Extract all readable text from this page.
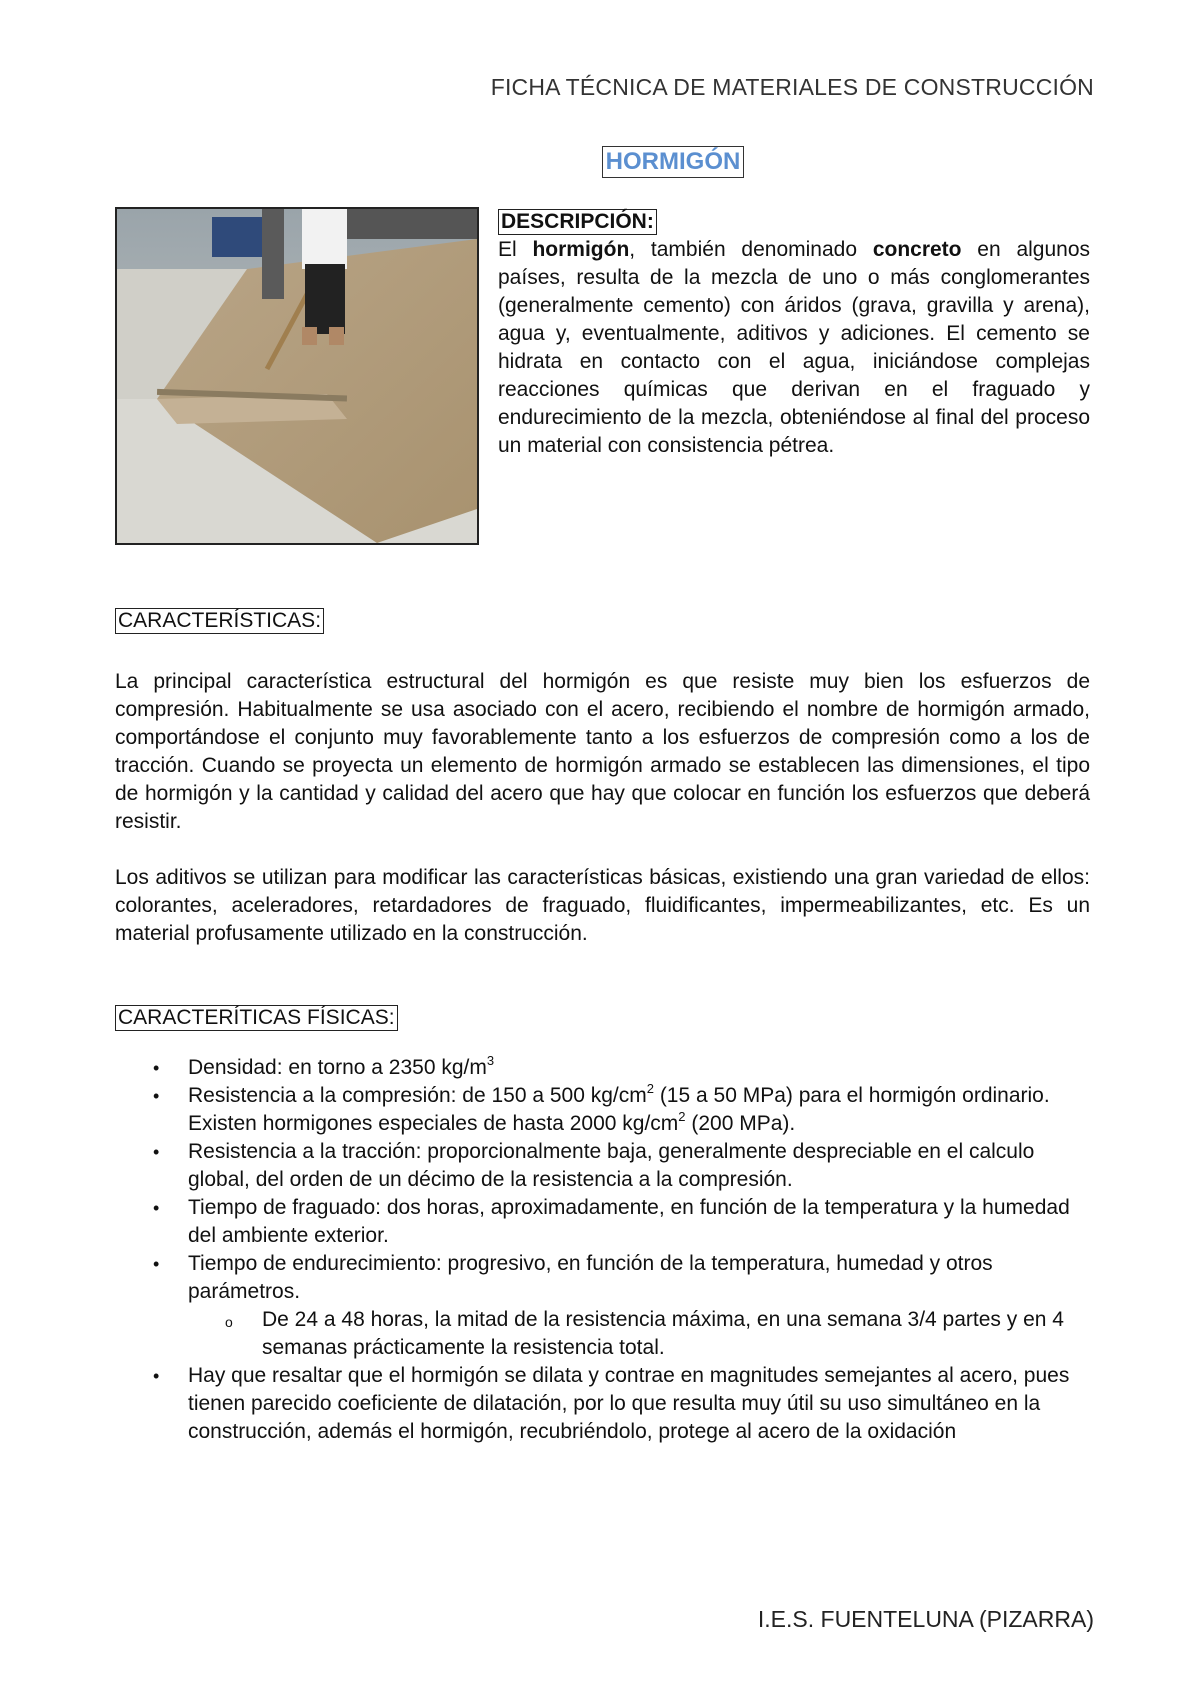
FICHA TÉCNICA DE MATERIALES DE CONSTRUCCIÓN
HORMIGÓN
DESCRIPCIÓN:
El hormigón, también denominado concreto en algunos países, resulta de la mezcla de uno o más conglomerantes (generalmente cemento) con áridos (grava, gravilla y arena), agua y, eventualmente, aditivos y adiciones. El cemento se hidrata en contacto con el agua, iniciándose complejas reacciones químicas que derivan en el fraguado y endurecimiento de la mezcla, obteniéndose al final del proceso un material con consistencia pétrea.
CARACTERÍSTICAS:

La principal característica estructural del hormigón es que resiste muy bien los esfuerzos de compresión. Habitualmente se usa asociado con el acero, recibiendo el nombre de hormigón armado, comportándose el conjunto muy favorablemente tanto a los esfuerzos de compresión como a los de tracción. Cuando se proyecta un elemento de hormigón armado se establecen las dimensiones, el tipo de hormigón y la cantidad y calidad del acero que hay que colocar en función los esfuerzos que deberá resistir.

Los aditivos se utilizan para modificar las características básicas, existiendo una gran variedad de ellos: colorantes, aceleradores, retardadores de fraguado, fluidificantes, impermeabilizantes, etc. Es un material profusamente utilizado en la construcción.

CARACTERÍTICAS FÍSICAS:
• Densidad: en torno a 2350 $kg/m^3$
• Resistencia a la compresión: de 150 a 500 $kg/cm^2$ (15 a 50 MPa) para el hormigón ordinario. Existen hormigones especiales de hasta 2000 $kg/cm^2$ (200 MPa).
• Resistencia a la tracción: proporcionalmente baja, generalmente despreciable en el calculo global, del orden de un décimo de la resistencia a la compresión.
• Tiempo de fraguado: dos horas, aproximadamente, en función de la temperatura y la humedad del ambiente exterior.
• Tiempo de endurecimiento: progresivo, en función de la temperatura, humedad y otros parámetros.
o De 24 a 48 horas, la mitad de la resistencia máxima, en una semana 3/4 partes y en 4 semanas prácticamente la resistencia total.
• Hay que resaltar que el hormigón se dilata y contrae en magnitudes semejantes al acero, pues tienen parecido coeficiente de dilatación, por lo que resulta muy útil su uso simultáneo en la construcción, además el hormigón, recubriéndolo, protege al acero de la oxidación
I.E.S. FUENTELUNA (PIZARRA)
